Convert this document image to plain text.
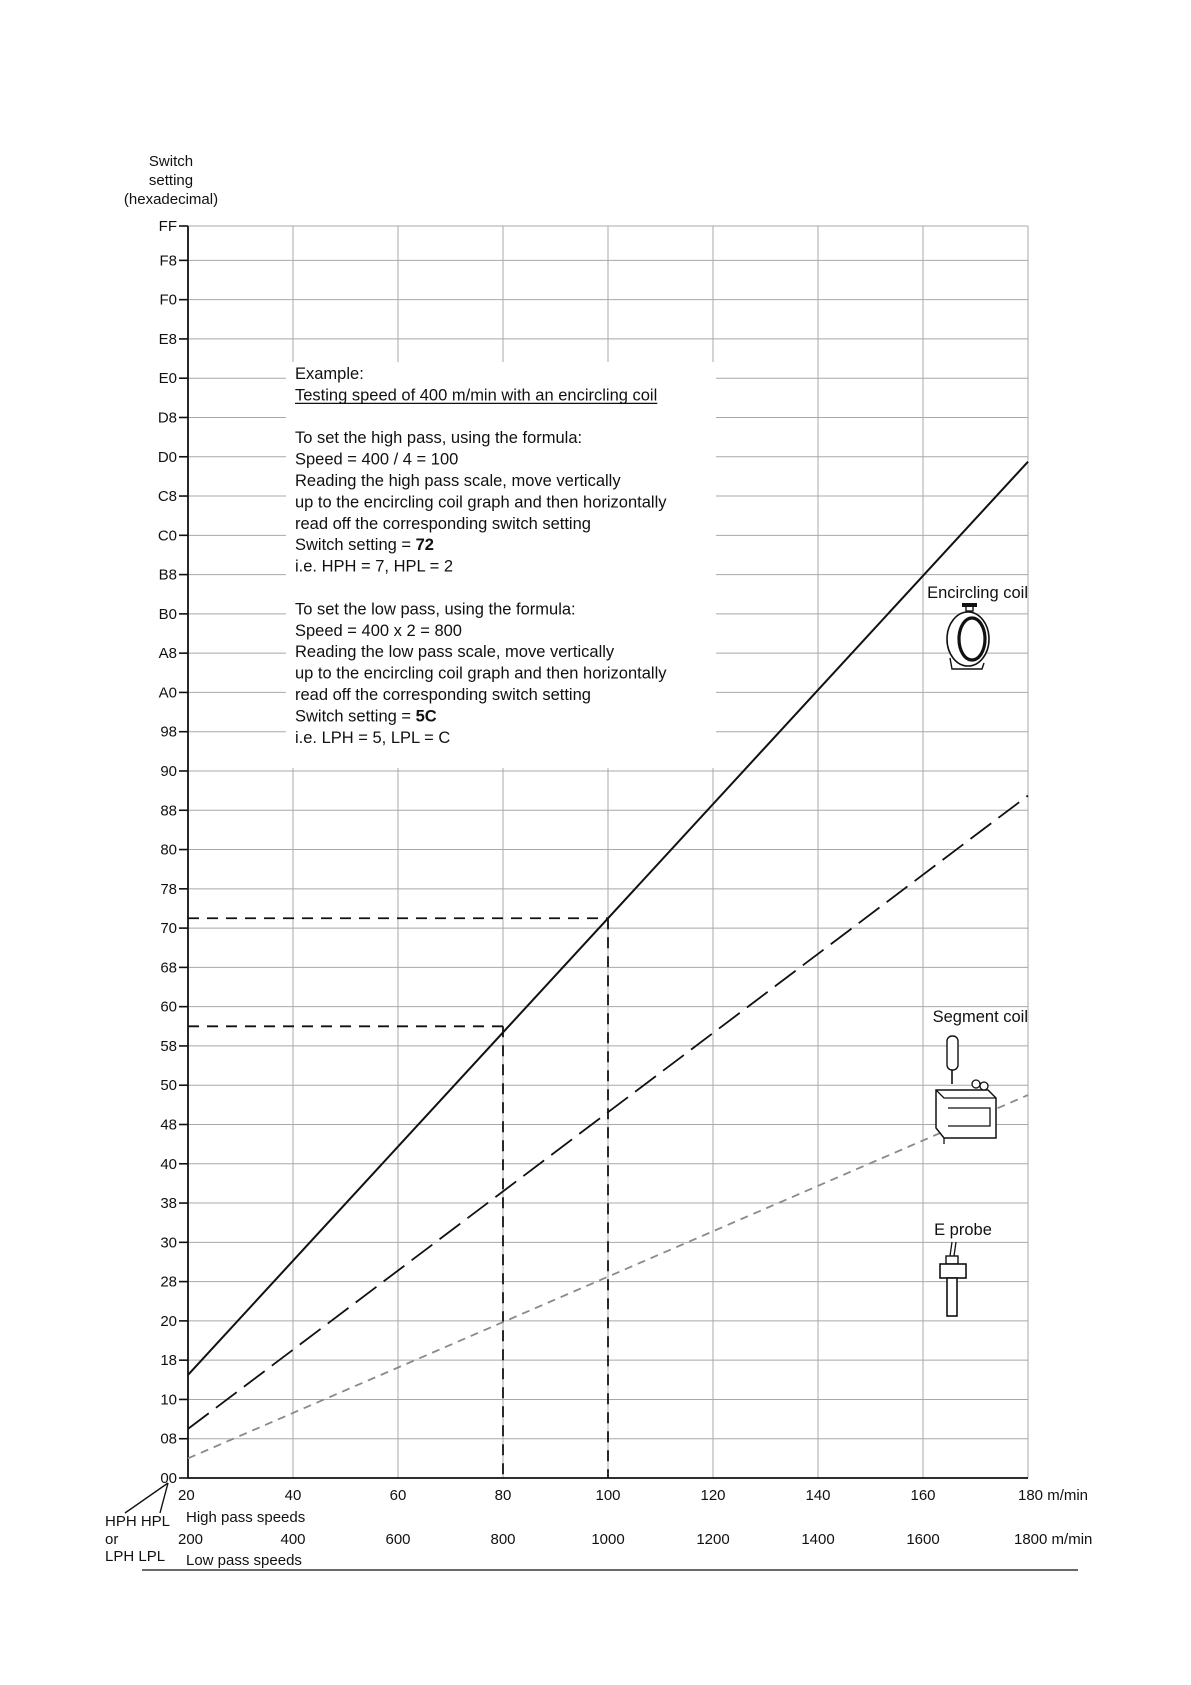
00
08
10
18
20
28
30
38
40
48
50
58
60
68
70
78
80
88
90
98
A0
A8
B0
B8
C0
C8
D0
D8
E0
E8
F0
F8
FF
20	40	60	80	100	120	140	160	180 m/min
200	400	600	800	1000	1200	1400	1600	1800 m/min
Switch
setting
(hexadecimal)
HPH HPL High pass speeds
or
LPH LPL Low pass speeds
Encircling coil
Segment coil
E probe
Example:
Testing speed of 400 m/min with an encircling coil
To set the high pass, using the formula:
Speed = 400 / 4 = 100
Reading the high pass scale, move vertically
up to the encircling coil graph and then horizontally
read off the corresponding switch setting
Switch setting = 72
i.e. HPH = 7, HPL = 2
To set the low pass, using the formula:
Speed = 400 x 2 = 800
Reading the low pass scale, move vertically
up to the encircling coil graph and then horizontally
read off the corresponding switch setting
Switch setting = 5C
i.e. LPH = 5, LPL = C
